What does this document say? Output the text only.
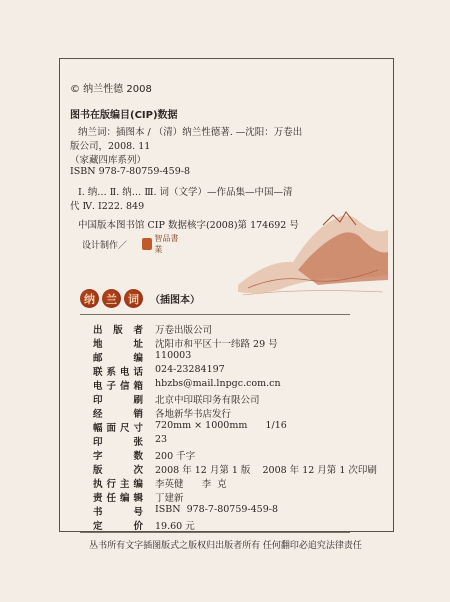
© 纳兰性德 2008
图书在版编目(CIP)数据
纳兰词：插图本 / （清）纳兰性德著. —沈阳：万卷出
版公司，2008. 11
（家藏四库系列）
ISBN 978-7-80759-459-8
Ⅰ. 纳… Ⅱ. 纳… Ⅲ. 词（文学）—作品集—中国—清
代 Ⅳ. I222. 849
中国版本图书馆 CIP 数据核字(2008)第 174692 号
设计制作／
智品書業
纳	兰	词	（插图本）
出版者 万卷出版公司
地址 沈阳市和平区十一纬路 29 号
邮编 110003
联系电话 024-23284197
电子信箱 hbzbs@mail.lnpgc.com.cn
印刷 北京中印联印务有限公司
经销 各地新华书店发行
幅面尺寸 720mm × 1000mm      1/16
印张 23
字数 200 千字
版次 2008 年 12 月第 1 版    2008 年 12 月第 1 次印刷
执行主编 李英健      李  克
责任编辑 丁建新
书号 ISBN  978-7-80759-459-8
定价 19.60 元
丛书所有文字插图版式之版权归出版者所有 任何翻印必追究法律责任
